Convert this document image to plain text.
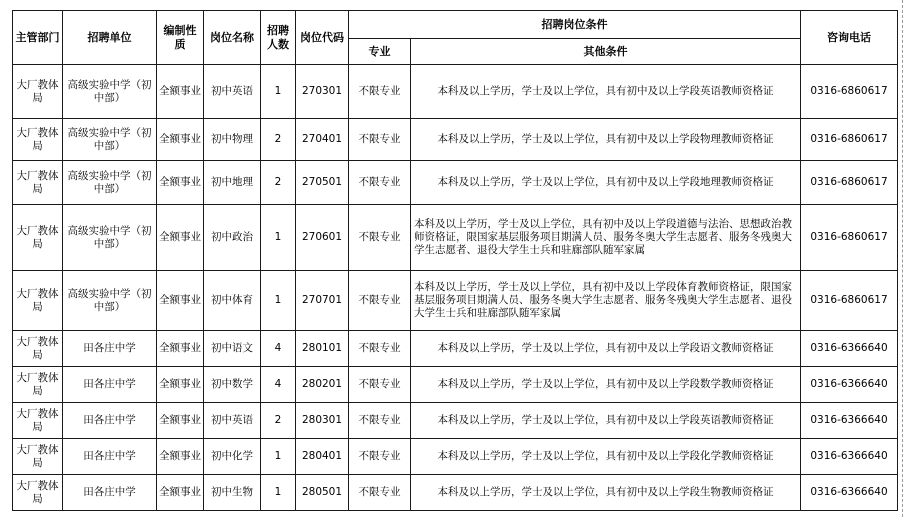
主管部门	招聘单位	编制性质	岗位名称	招聘人数	岗位代码	招聘岗位条件		咨询电话
						专业	其他条件	
大厂教体局	高级实验中学（初中部）	全额事业	初中英语	1	270301	不限专业	本科及以上学历，学士及以上学位，具有初中及以上学段英语教师资格证	0316-6860617
大厂教体局	高级实验中学（初中部）	全额事业	初中物理	2	270401	不限专业	本科及以上学历，学士及以上学位，具有初中及以上学段物理教师资格证	0316-6860617
大厂教体局	高级实验中学（初中部）	全额事业	初中地理	2	270501	不限专业	本科及以上学历，学士及以上学位，具有初中及以上学段地理教师资格证	0316-6860617
大厂教体局	高级实验中学（初中部）	全额事业	初中政治	1	270601	不限专业	本科及以上学历，学士及以上学位，具有初中及以上学段道德与法治、思想政治教师资格证，限国家基层服务项目期满人员、服务冬奥大学生志愿者、服务冬残奥大学生志愿者、退役大学生士兵和驻廊部队随军家属	0316-6860617
大厂教体局	高级实验中学（初中部）	全额事业	初中体育	1	270701	不限专业	本科及以上学历，学士及以上学位，具有初中及以上学段体育教师资格证，限国家基层服务项目期满人员、服务冬奥大学生志愿者、服务冬残奥大学生志愿者、退役大学生士兵和驻廊部队随军家属	0316-6860617
大厂教体局	田各庄中学	全额事业	初中语文	4	280101	不限专业	本科及以上学历，学士及以上学位，具有初中及以上学段语文教师资格证	0316-6366640
大厂教体局	田各庄中学	全额事业	初中数学	4	280201	不限专业	本科及以上学历，学士及以上学位，具有初中及以上学段数学教师资格证	0316-6366640
大厂教体局	田各庄中学	全额事业	初中英语	2	280301	不限专业	本科及以上学历，学士及以上学位，具有初中及以上学段英语教师资格证	0316-6366640
大厂教体局	田各庄中学	全额事业	初中化学	1	280401	不限专业	本科及以上学历，学士及以上学位，具有初中及以上学段化学教师资格证	0316-6366640
大厂教体局	田各庄中学	全额事业	初中生物	1	280501	不限专业	本科及以上学历，学士及以上学位，具有初中及以上学段生物教师资格证	0316-6366640
